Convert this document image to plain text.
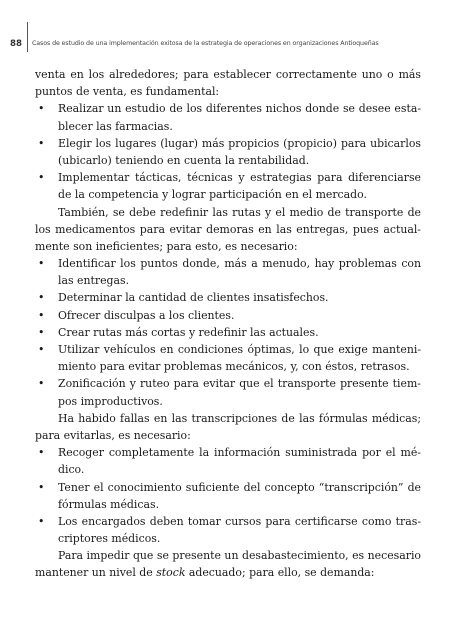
88 Casos de estudio de una implementación exitosa de la estrategia de operaciones en organizaciones Antioqueñas
venta en los alrededores; para establecer correctamente uno o más
puntos de venta, es fundamental:
• Realizar un estudio de los diferentes nichos donde se desee esta-
blecer las farmacias.
• Elegir los lugares (lugar) más propicios (propicio) para ubicarlos
(ubicarlo) teniendo en cuenta la rentabilidad.
• Implementar tácticas, técnicas y estrategias para diferenciarse
de la competencia y lograr participación en el mercado.
También, se debe redefinir las rutas y el medio de transporte de
los medicamentos para evitar demoras en las entregas, pues actual-
mente son ineficientes; para esto, es necesario:
• Identificar los puntos donde, más a menudo, hay problemas con
las entregas.
• Determinar la cantidad de clientes insatisfechos.
• Ofrecer disculpas a los clientes.
• Crear rutas más cortas y redefinir las actuales.
• Utilizar vehículos en condiciones óptimas, lo que exige manteni-
miento para evitar problemas mecánicos, y, con éstos, retrasos.
• Zonificación y ruteo para evitar que el transporte presente tiem-
pos improductivos.
Ha habido fallas en las transcripciones de las fórmulas médicas;
para evitarlas, es necesario:
• Recoger completamente la información suministrada por el mé-
dico.
• Tener el conocimiento suficiente del concepto “transcripción” de
fórmulas médicas.
• Los encargados deben tomar cursos para certificarse como tras-
criptores médicos.
Para impedir que se presente un desabastecimiento, es necesario
mantener un nivel de stock adecuado; para ello, se demanda:
